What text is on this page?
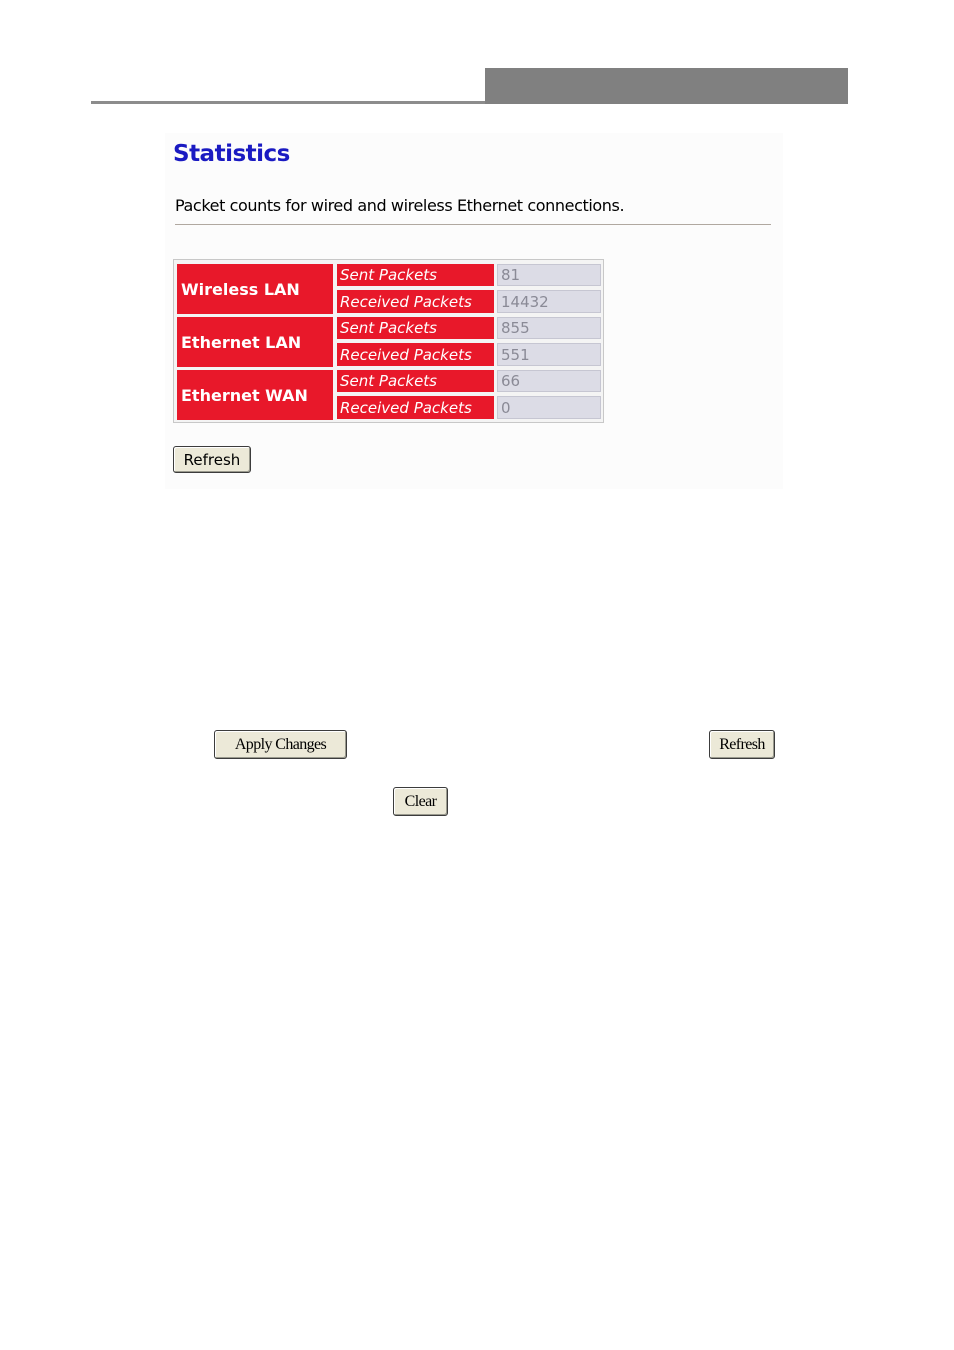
Statistics
Packet counts for wired and wireless Ethernet connections.
Wireless LAN
Sent Packets	81
Received Packets	14432
Ethernet LAN
Sent Packets	855
Received Packets	551
Ethernet WAN
Sent Packets	66
Received Packets	0
Refresh
Apply Changes	Refresh
Clear
